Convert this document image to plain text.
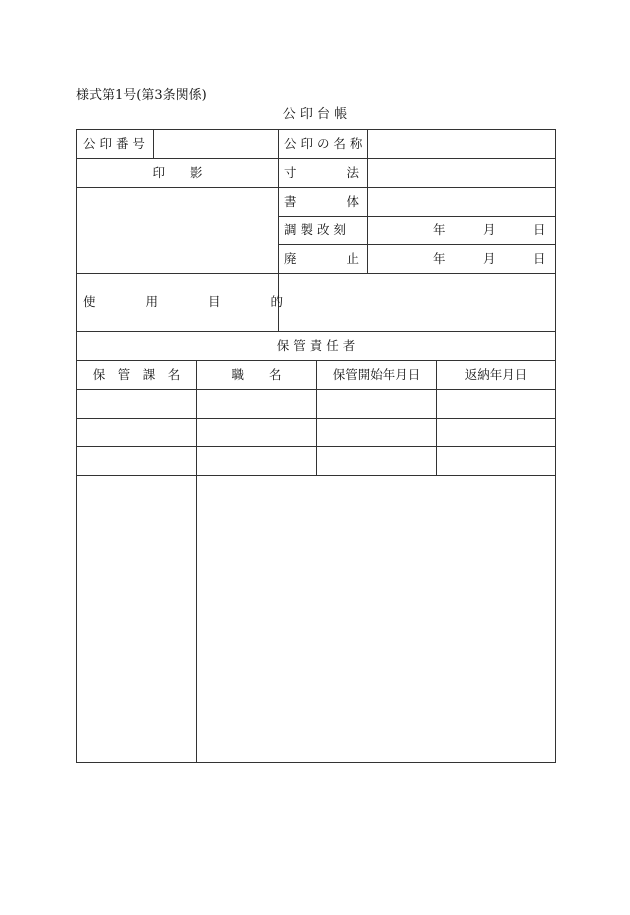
様式第1号(第3条関係)
公 印 台 帳
公 印 番 号	公 印 の 名 称
印　　影	寸　　　　法
書　　　　体
調 製 改 刻	年　　　月　　　日
廃　　　　止	年　　　月　　　日
使　　　　用　　　　目　　　　的
保 管 責 任 者
保　管　課　名	職　　名	保管開始年月日	返納年月日
